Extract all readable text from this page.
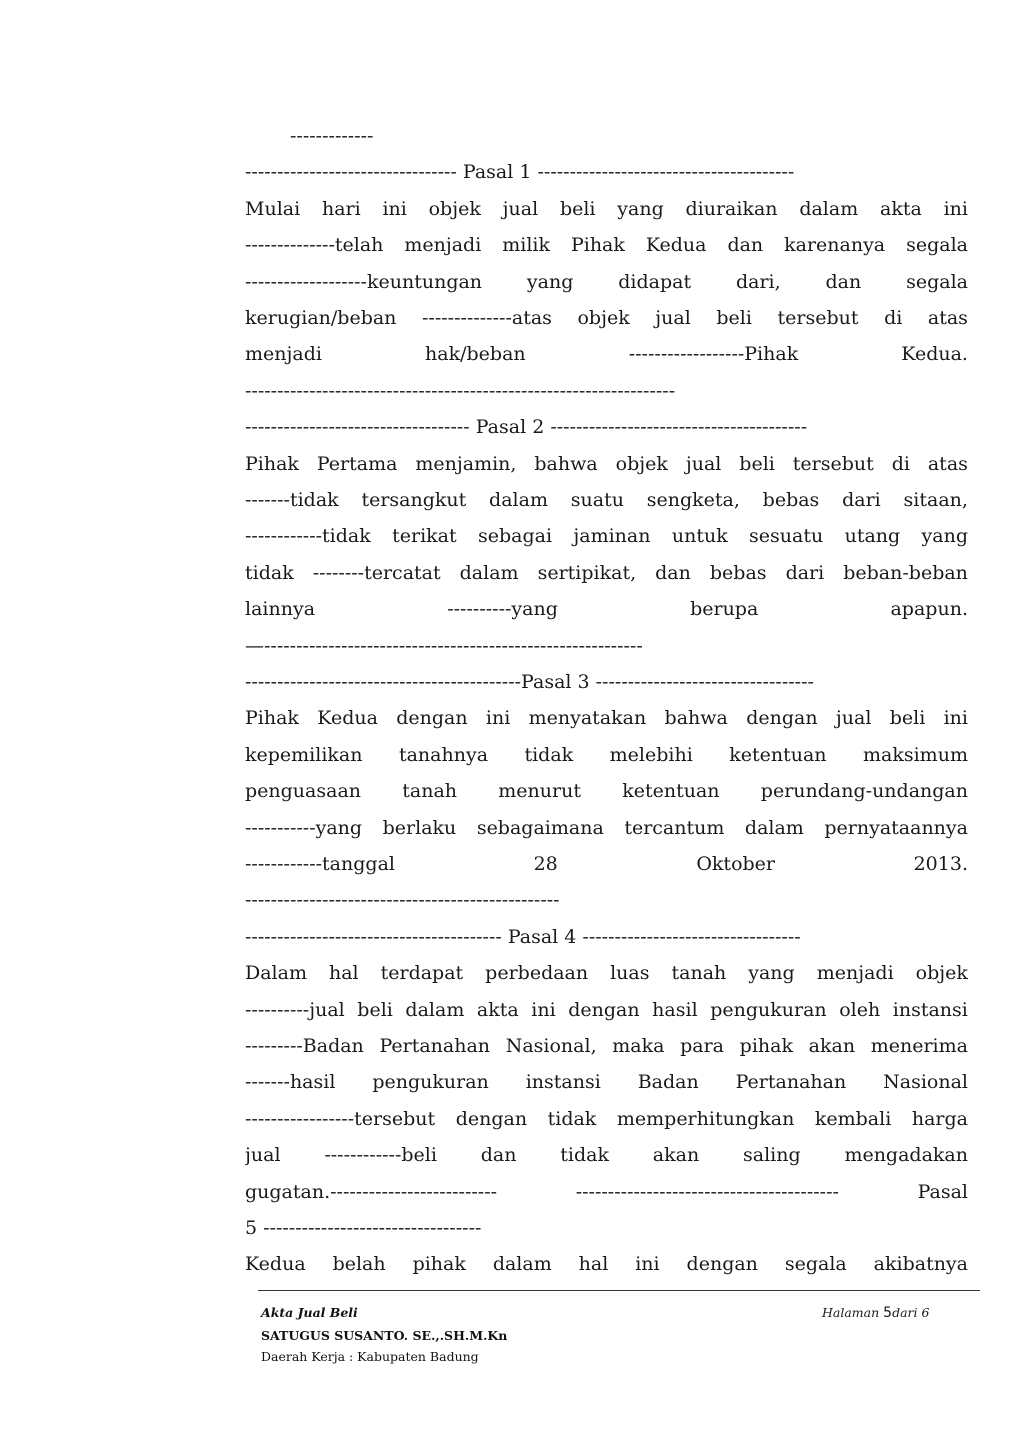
-------------
--------------------------------- Pasal 1 ----------------------------------------
Mulai hari ini objek jual beli yang diuraikan dalam akta ini
--------------telah menjadi milik Pihak Kedua dan karenanya segala
-------------------keuntungan yang didapat dari, dan segala
kerugian/beban --------------atas objek jual beli tersebut di atas
menjadi	hak/beban	------------------Pihak	Kedua.
-------------------------------------------------------------------
----------------------------------- Pasal 2 ----------------------------------------
Pihak Pertama menjamin, bahwa objek jual beli tersebut di atas
-------tidak tersangkut dalam suatu sengketa, bebas dari sitaan,
------------tidak terikat sebagai jaminan untuk sesuatu utang yang
tidak --------tercatat dalam sertipikat, dan bebas dari beban-beban
lainnya	----------yang	berupa	apapun.
—-----------------------------------------------------------
-------------------------------------------Pasal 3 ----------------------------------
Pihak Kedua dengan ini menyatakan bahwa dengan jual beli ini
kepemilikan tanahnya tidak melebihi ketentuan maksimum
penguasaan tanah menurut ketentuan perundang-undangan
-----------yang berlaku sebagaimana tercantum dalam pernyataannya
------------tanggal	28	Oktober	2013.
-------------------------------------------------
---------------------------------------- Pasal 4 ----------------------------------
Dalam hal terdapat perbedaan luas tanah yang menjadi objek
----------jual beli dalam akta ini dengan hasil pengukuran oleh instansi
---------Badan Pertanahan Nasional, maka para pihak akan menerima
-------hasil pengukuran instansi Badan Pertanahan Nasional
-----------------tersebut dengan tidak memperhitungkan kembali harga
jual ------------beli dan tidak akan saling mengadakan
gugatan.--------------------------	-----------------------------------------	Pasal
5 ----------------------------------
Kedua belah pihak dalam hal ini dengan segala akibatnya
Akta Jual Beli
SATUGUS SUSANTO. SE.,.SH.M.Kn
Daerah Kerja : Kabupaten Badung
Halaman 5dari 6
